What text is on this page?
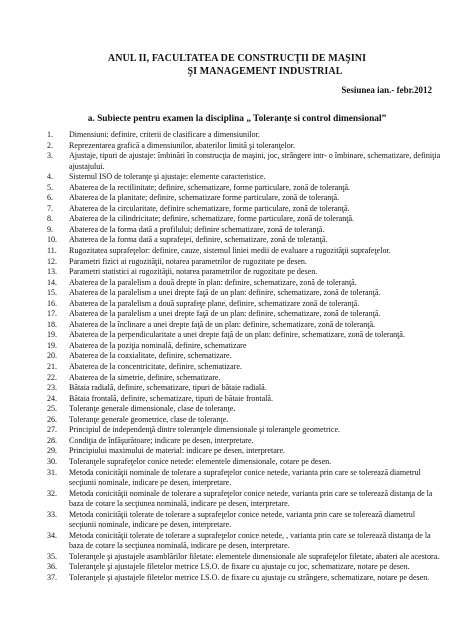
ANUL II, FACULTATEA DE CONSTRUCŢII DE MAŞINI
ŞI MANAGEMENT INDUSTRIAL
Sesiunea ian.- febr.2012
a. Subiecte pentru examen la disciplina „ Toleranțe si control dimensional”
1. Dimensiuni: definire, criterii de clasificare a dimensiunilor.
2. Reprezentarea grafică a dimensiunilor, abaterilor limită şi toleranţelor.
3. Ajustaje, tipuri de ajustaje: îmbinări în construcţia de maşini, joc, strângere intr- o îmbinare, schematizare, definiţia ajustajului.
4. Sistemul ISO de toleranţe şi ajustaje: elemente caracteristice.
5. Abaterea de la rectilinitate; definire, schematizare, forme particulare, zonă de toleranţă.
6. Abaterea de la planitate; definire, schematizare forme particulare, zonă de toleranţă.
7. Abaterea de la circularitate, definire schematizare, forme particulare, zonă de toleranţă.
8. Abaterea de la cilindricitate; definire, schematizare, forme particulare, zonă de toleranţă.
9. Abaterea de la forma dată a profilului; definire schematizare, zonă de toleranţă.
10. Abaterea de la forma dată a suprafeţei, definire, schematizare, zonă de toleranţă.
11. Rugozitatea suprafeţelor: definire, cauze, sistemul liniei medii de evaluare a rugozităţii suprafeţelor.
12. Parametri fizici ai rugozităţii, notarea parametrilor de rugozitate pe desen.
13. Parametri statistici ai rugozităţii, notarea parametrilor de rugozitate pe desen.
14. Abaterea de la paralelism a două drepte în plan: definire, schematizare, zonă de toleranţă.
15. Abaterea de la paralelism a unei drepte faţă de un plan: definire, schematizare, zonă de toleranţă.
16. Abaterea de la paralelism a două suprafeţe plane, definire, schematizare zonă de toleranţă.
17. Abaterea de la paralelism a unei drepte faţă de un plan: definire, schematizare, zonă de toleranţă.
18. Abaterea de la înclinare a unei drepte faţă de un plan: definire, schematizare, zonă de toleranţă.
19. Abaterea de la perpendicularitate a unei drepte faţă de un plan: definire, schematizare, zonă de toleranţă.
19. Abaterea de la poziţia nominală, definire, schematizare
20. Abaterea de la coaxialitate, definire, schematizare.
21. Abaterea de la concentricitate, definire, schematizare.
22. Abaterea de la simetrie, definire, schematizare.
23. Bătaia radială, definire, schematizare, tipuri de bătaie radială.
24. Bătaia frontală, definire, schematizare, tipuri de bătaie frontală.
25. Toleranţe generale dimensionale, clase de toleranţe.
26. Toleranţe generale geometrice, clase de toleranţe.
27. Principiul de independenţă dintre toleranţele dimensionale şi toleranţele geometrice.
28. Condiţia de înfăşurătoare; indicare pe desen, interpretare.
29. Principiului maximului de material: indicare pe desen, interpretare.
30. Toleranţele suprafeţelor conice netede: elementele dimensionale, cotare pe desen.
31. Metoda conicităţii nominale de tolerare a suprafeţelor conice netede, varianta prin care se tolerează diametrul secţiunii nominale, indicare pe desen, interpretare.
32. Metoda conicităţii nominale de tolerare a suprafeţelor conice netede, varianta prin care se tolerează distanţa de la baza de cotare la secţiunea nominală, indicare pe desen, interpretare.
33. Metoda conicităţii tolerate de tolerare a suprafeţelor conice netede, varianta prin care se tolerează diametrul secţiunii nominale, indicare pe desen, interpretare.
34. Metoda conicităţii tolerate de tolerare a suprafeţelor conice netede, , varianta prin care se tolerează distanţa de la baza de cotare la secţiunea nominală, indicare pe desen, interpretare.
35. Toleranţele şi ajustajele asamblărilor filetate: elementele dimensionale ale suprafeţelor filetate, abateri ale acestora.
36. Toleranţele şi ajustajele filetelor metrice I.S.O. de fixare cu ajustaje cu joc, schematizare, notare pe desen.
37. Toleranţele şi ajustajele filetelor metrice I.S.O. de fixare cu ajustaje cu strângere, schematizare, notare pe desen.
